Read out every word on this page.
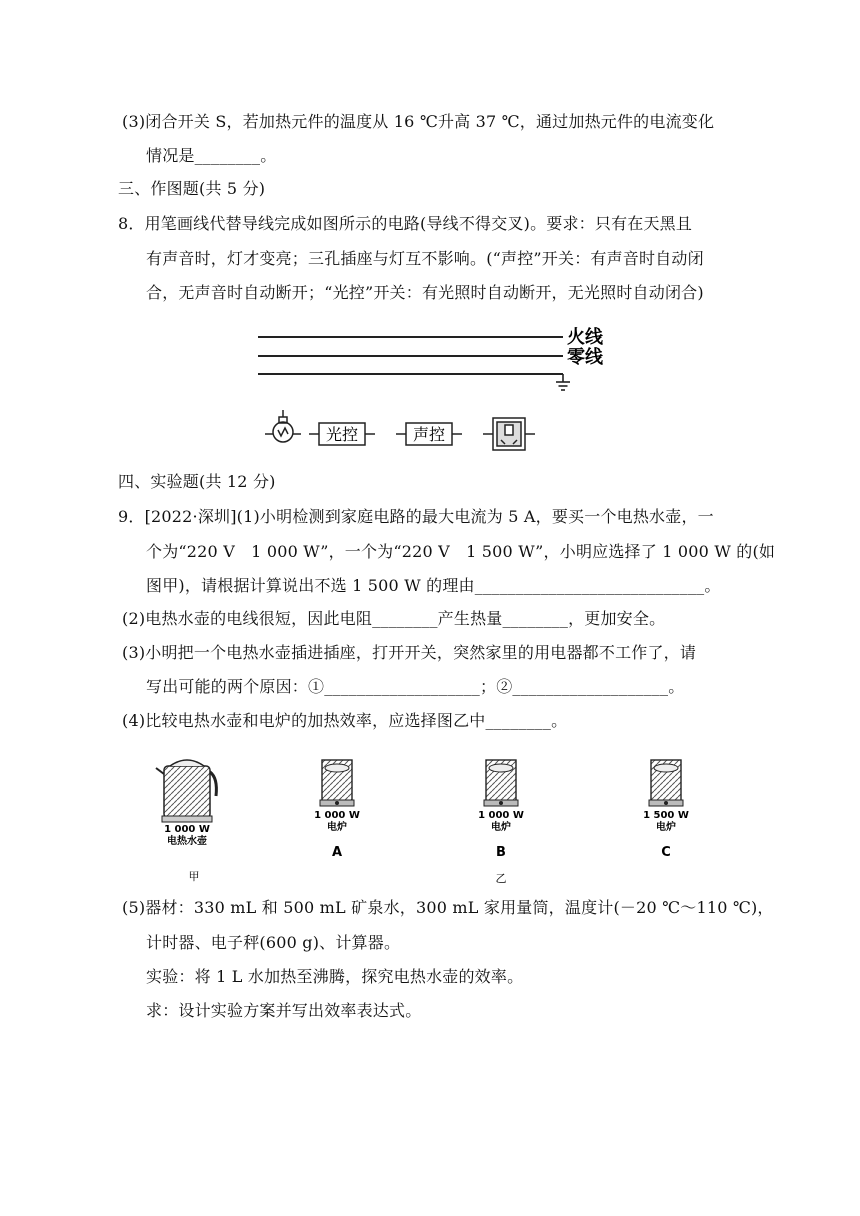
(3)闭合开关 S，若加热元件的温度从 16 ℃升高 37 ℃，通过加热元件的电流变化
情况是________。
三、作图题(共 5 分)
8．用笔画线代替导线完成如图所示的电路(导线不得交叉)。要求：只有在天黑且
有声音时，灯才变亮；三孔插座与灯互不影响。(“声控”开关：有声音时自动闭
合，无声音时自动断开；“光控”开关：有光照时自动断开，无光照时自动闭合)
火线
零线
光控	声控
四、实验题(共 12 分)
9．[2022·深圳](1)小明检测到家庭电路的最大电流为 5 A，要买一个电热水壶，一
个为“220 V　1 000 W”，一个为“220 V　1 500 W”，小明应选择了 1 000 W 的(如
图甲)，请根据计算说出不选 1 500 W 的理由____________________________。
(2)电热水壶的电线很短，因此电阻________产生热量________，更加安全。
(3)小明把一个电热水壶插进插座，打开开关，突然家里的用电器都不工作了，请
写出可能的两个原因：①___________________；②___________________。
(4)比较电热水壶和电炉的加热效率，应选择图乙中________。
1 000 W
电热水壶
1 000 W
电炉
A
1 000 W
电炉
B
1 500 W
电炉
C
甲	乙
(5)器材：330 mL 和 500 mL 矿泉水，300 mL 家用量筒，温度计(－20 ℃～110 ℃)，
计时器、电子秤(600 g)、计算器。
实验：将 1 L 水加热至沸腾，探究电热水壶的效率。
求：设计实验方案并写出效率表达式。
